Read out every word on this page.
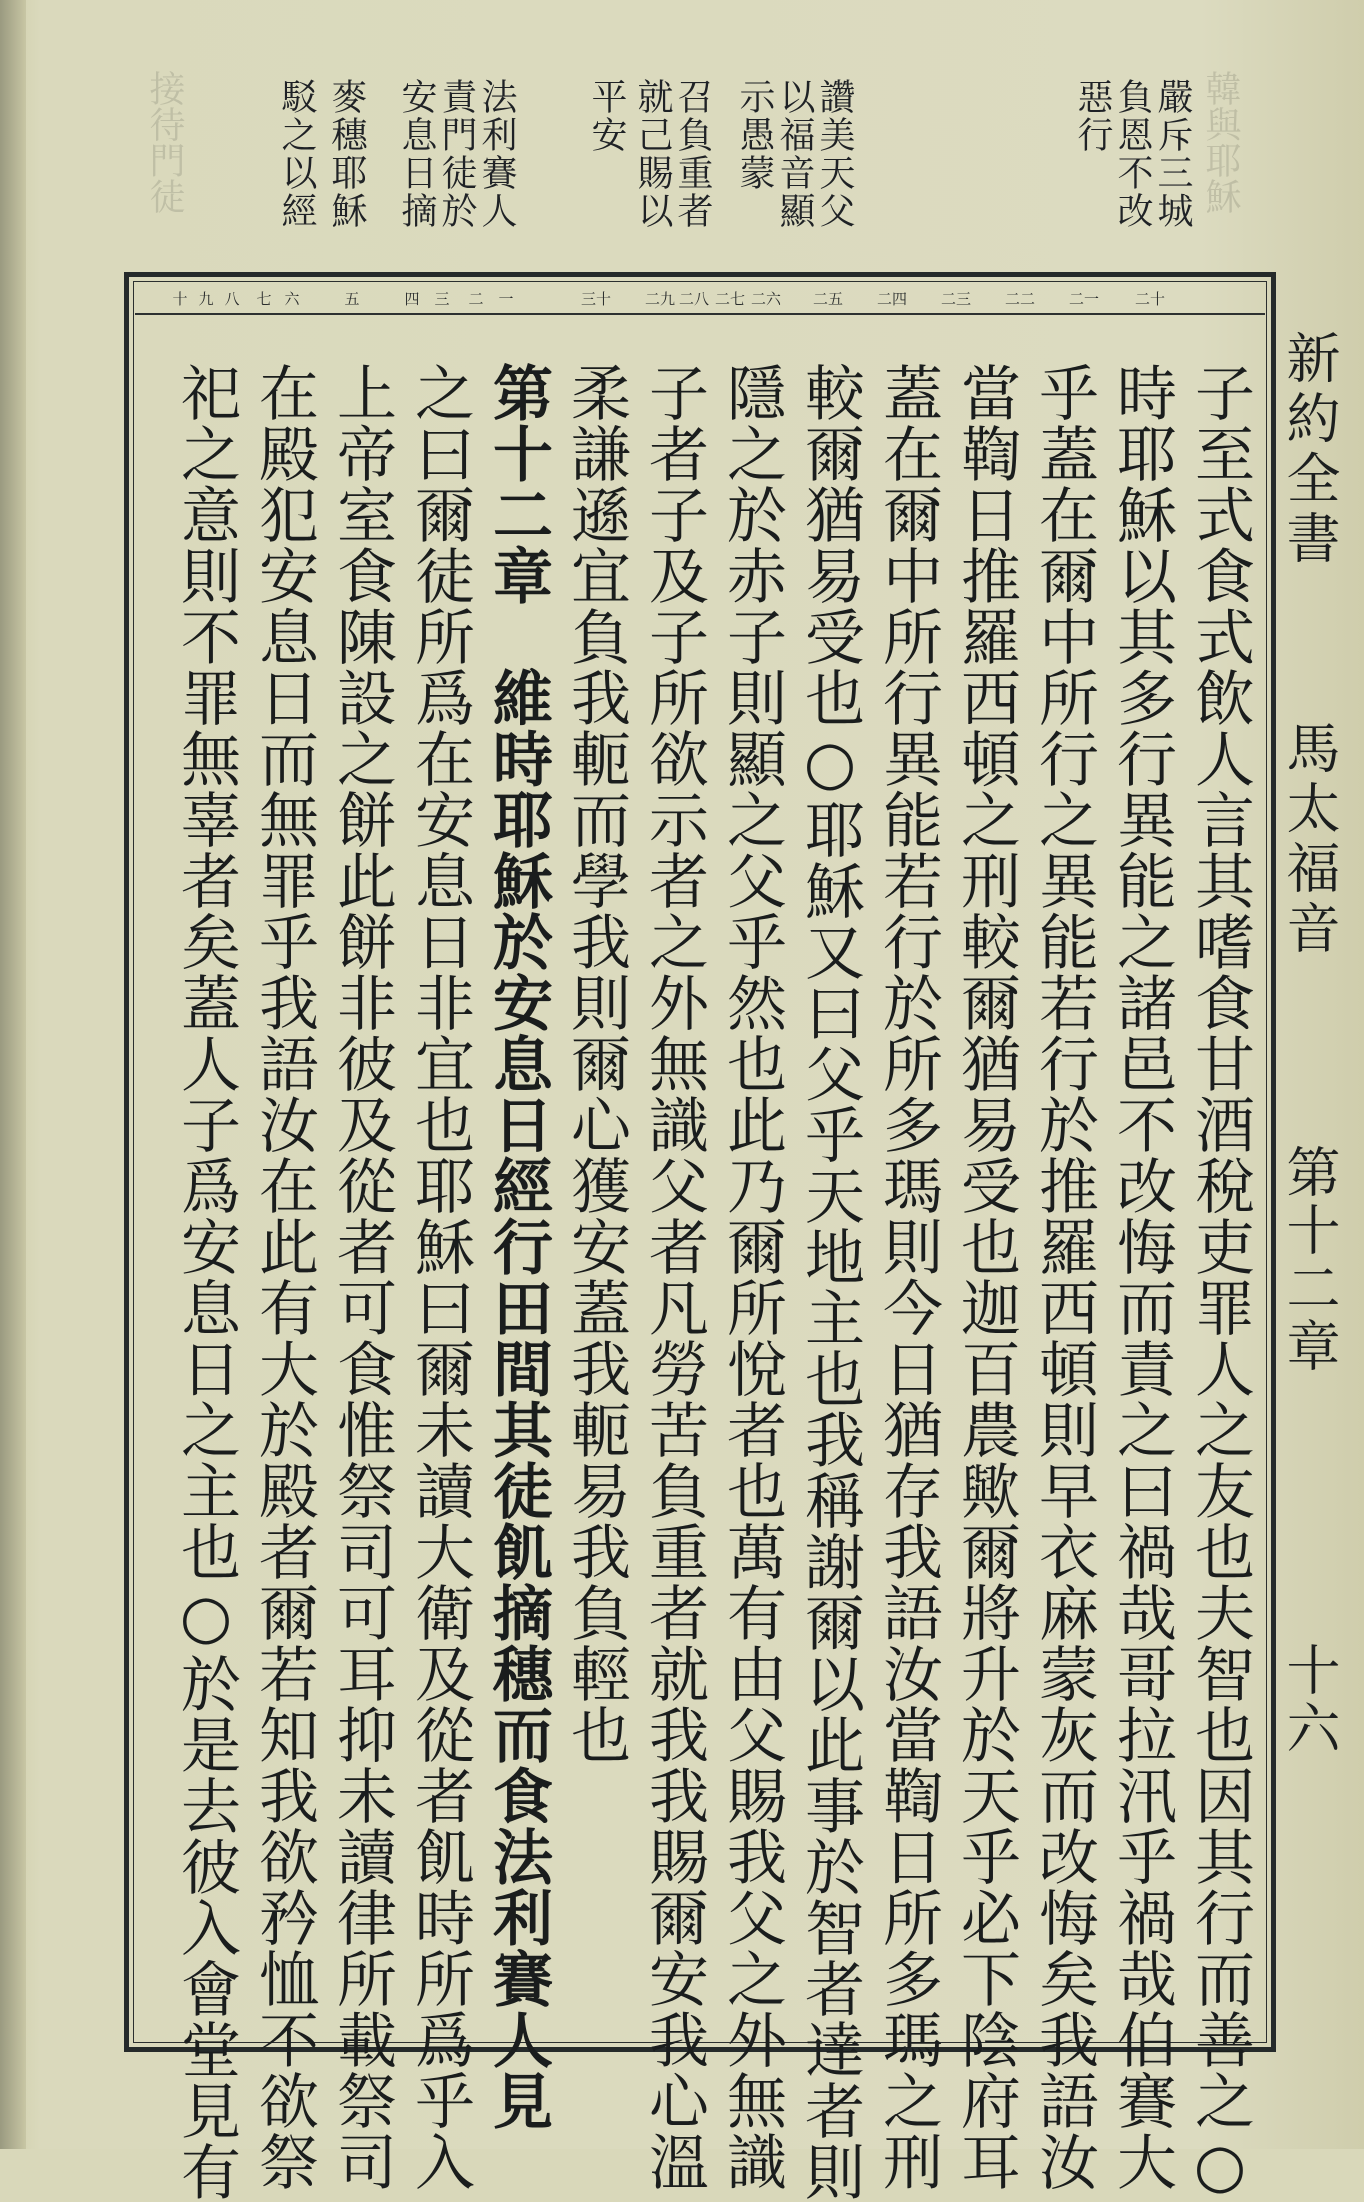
韓與耶穌
接待門徒	嚴斥三城
負恩不改
惡行
讚美天父
以福音顯
示愚蒙
召負重者
就己賜以
平安
法利賽人
責門徒於
安息日摘
麥穗耶穌
駁之以經
二十
二一
二二
二三
二四
二五
二六
二七
二八
二九
三十
一
二
三
四
五
六
七
八
九
十
子至式食式飲人言其嗜食甘酒稅吏罪人之友也夫智也因其行而善之○
時耶穌以其多行異能之諸邑不改悔而責之曰禍哉哥拉汛乎禍哉伯賽大
乎蓋在爾中所行之異能若行於推羅西頓則早衣麻蒙灰而改悔矣我語汝
當鞫日推羅西頓之刑較爾猶易受也迦百農歟爾將升於天乎必下陰府耳
蓋在爾中所行異能若行於所多瑪則今日猶存我語汝當鞫日所多瑪之刑
較爾猶易受也○耶穌又曰父乎天地主也我稱謝爾以此事於智者達者則
隱之於赤子則顯之父乎然也此乃爾所悅者也萬有由父賜我父之外無識
子者子及子所欲示者之外無識父者凡勞苦負重者就我我賜爾安我心溫
柔謙遜宜負我軛而學我則爾心獲安蓋我軛易我負輕也
第十二章　維時耶穌於安息日經行田間其徒飢摘穗而食法利賽人見
之曰爾徒所爲在安息日非宜也耶穌曰爾未讀大衛及從者飢時所爲乎入
上帝室食陳設之餅此餅非彼及從者可食惟祭司可耳抑未讀律所載祭司
在殿犯安息日而無罪乎我語汝在此有大於殿者爾若知我欲矜恤不欲祭
祀之意則不罪無辜者矣蓋人子爲安息日之主也○於是去彼入會堂見有	新約全書
馬太福音
第十二章
十六
